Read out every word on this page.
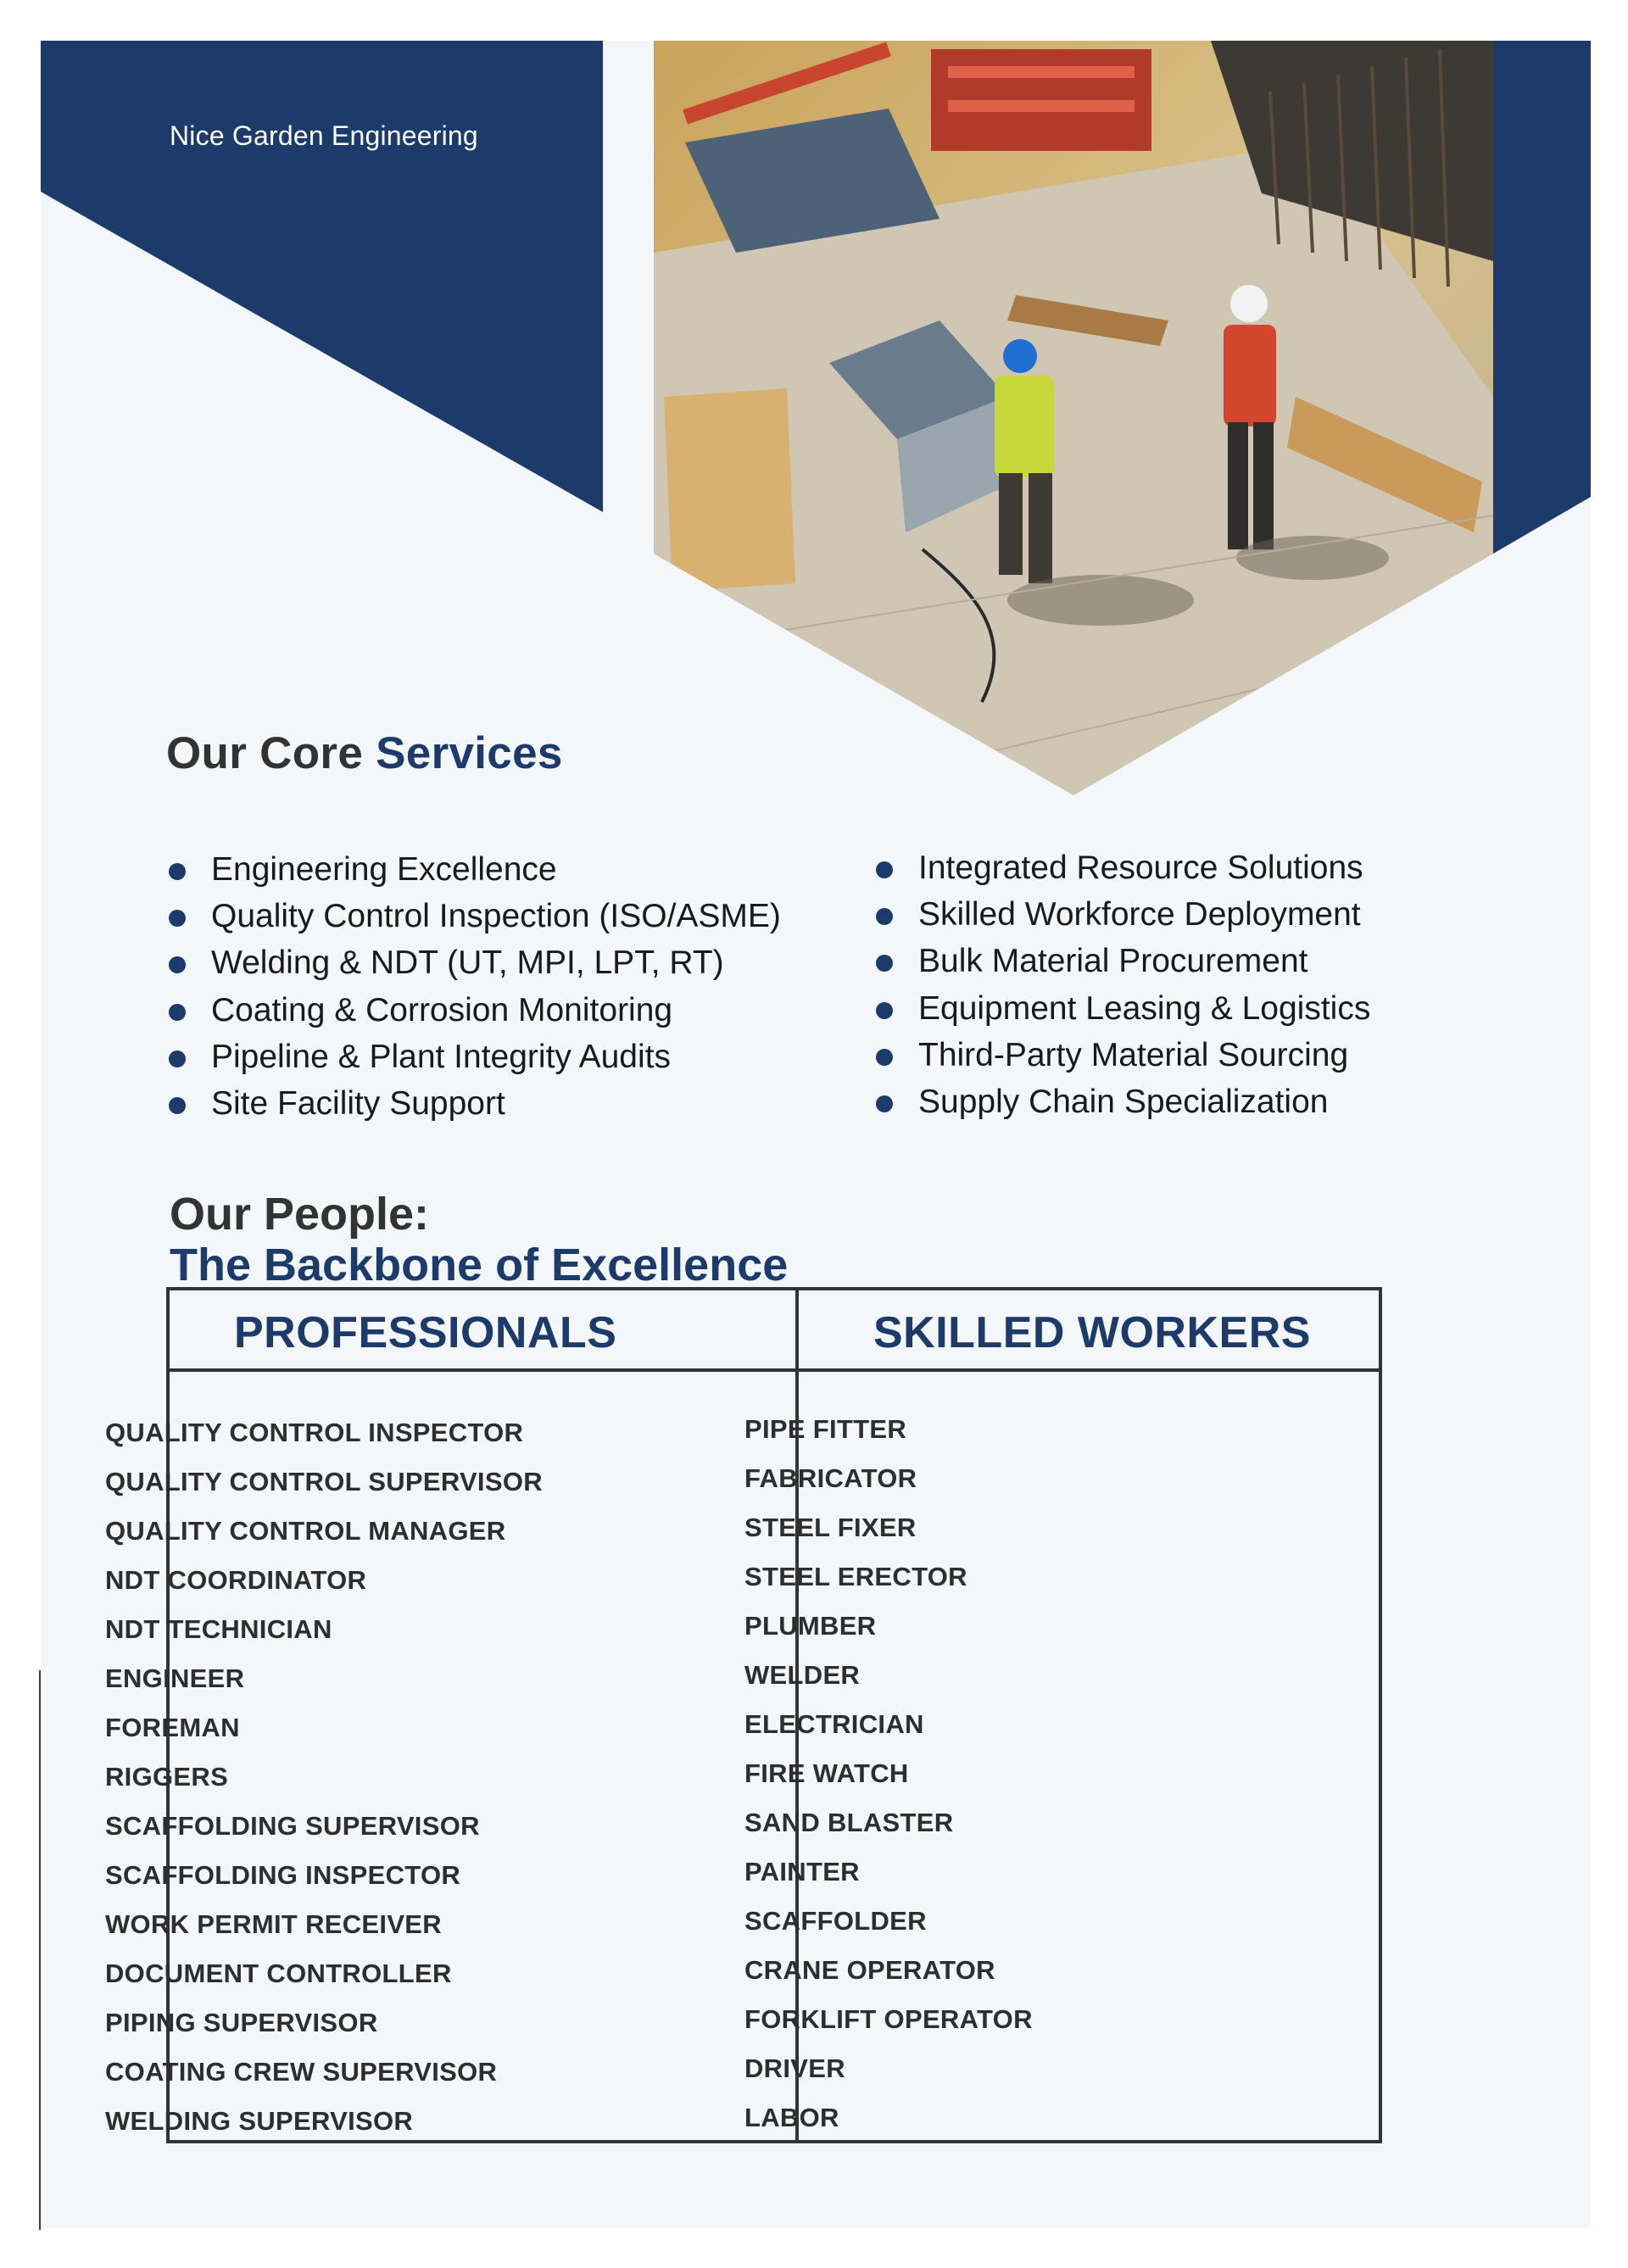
Nice Garden Engineering
Our Core Services
Engineering Excellence
Quality Control Inspection (ISO/ASME)
Welding & NDT (UT, MPI, LPT, RT)
Coating & Corrosion Monitoring
Pipeline & Plant Integrity Audits
Site Facility Support
Integrated Resource Solutions
Skilled Workforce Deployment
Bulk Material Procurement
Equipment Leasing & Logistics
Third-Party Material Sourcing
Supply Chain Specialization
Our People:
The Backbone of Excellence
PROFESSIONALS	SKILLED WORKERS
QUALITY CONTROL INSPECTOR
QUALITY CONTROL SUPERVISOR
QUALITY CONTROL MANAGER
NDT COORDINATOR
NDT TECHNICIAN
ENGINEER
FOREMAN
RIGGERS
SCAFFOLDING SUPERVISOR
SCAFFOLDING INSPECTOR
WORK PERMIT RECEIVER
DOCUMENT CONTROLLER
PIPING SUPERVISOR
COATING CREW SUPERVISOR
WELDING SUPERVISOR
PIPE FITTER
FABRICATOR
STEEL FIXER
STEEL ERECTOR
PLUMBER
WELDER
ELECTRICIAN
FIRE WATCH
SAND BLASTER
PAINTER
SCAFFOLDER
CRANE OPERATOR
FORKLIFT OPERATOR
DRIVER
LABOR
